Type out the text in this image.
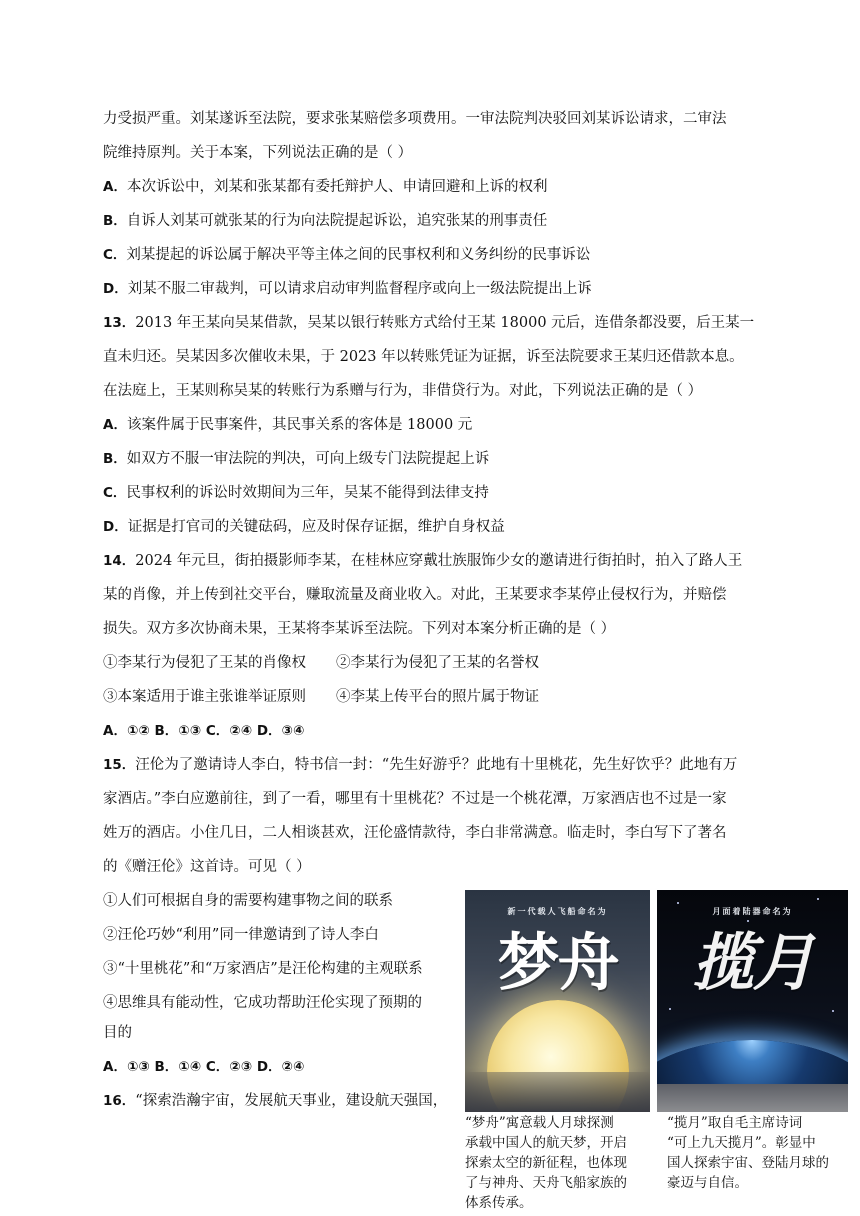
力受损严重。刘某遂诉至法院，要求张某赔偿多项费用。一审法院判决驳回刘某诉讼请求，二审法
院维持原判。关于本案，下列说法正确的是（ ）
A．本次诉讼中，刘某和张某都有委托辩护人、申请回避和上诉的权利
B．自诉人刘某可就张某的行为向法院提起诉讼，追究张某的刑事责任
C．刘某提起的诉讼属于解决平等主体之间的民事权利和义务纠纷的民事诉讼
D．刘某不服二审裁判，可以请求启动审判监督程序或向上一级法院提出上诉
13．2013 年王某向吴某借款，吴某以银行转账方式给付王某 18000 元后，连借条都没要，后王某一
直未归还。吴某因多次催收未果，于 2023 年以转账凭证为证据，诉至法院要求王某归还借款本息。
在法庭上，王某则称吴某的转账行为系赠与行为，非借贷行为。对此，下列说法正确的是（ ）
A．该案件属于民事案件，其民事关系的客体是 18000 元
B．如双方不服一审法院的判决，可向上级专门法院提起上诉
C．民事权利的诉讼时效期间为三年，吴某不能得到法律支持
D．证据是打官司的关键砝码，应及时保存证据，维护自身权益
14．2024 年元旦，街拍摄影师李某，在桂林应穿戴壮族服饰少女的邀请进行街拍时，拍入了路人王
某的肖像，并上传到社交平台，赚取流量及商业收入。对此，王某要求李某停止侵权行为，并赔偿
损失。双方多次协商未果，王某将李某诉至法院。下列对本案分析正确的是（ ）
①李某行为侵犯了王某的肖像权 ②李某行为侵犯了王某的名誉权
③本案适用于谁主张谁举证原则 ④李某上传平台的照片属于物证
A．①② B．①③ C．②④ D．③④
15．汪伦为了邀请诗人李白，特书信一封：“先生好游乎？此地有十里桃花，先生好饮乎？此地有万
家酒店。”李白应邀前往，到了一看，哪里有十里桃花？不过是一个桃花潭，万家酒店也不过是一家
姓万的酒店。小住几日，二人相谈甚欢，汪伦盛情款待，李白非常满意。临走时，李白写下了著名
的《赠汪伦》这首诗。可见（ ）
①人们可根据自身的需要构建事物之间的联系
②汪伦巧妙“利用”同一律邀请到了诗人李白
③“十里桃花”和“万家酒店”是汪伦构建的主观联系
④思维具有能动性，它成功帮助汪伦实现了预期的
目的
A．①③ B．①④ C．②③ D．②④
16．“探索浩瀚宇宙，发展航天事业，建设航天强国，
新一代载人飞船命名为
梦舟
月面着陆器命名为
揽月
“梦舟”寓意载人月球探测
承载中国人的航天梦，开启
探索太空的新征程，也体现
了与神舟、天舟飞船家族的
体系传承。
“揽月”取自毛主席诗词
“可上九天揽月”。彰显中
国人探索宇宙、登陆月球的
豪迈与自信。
